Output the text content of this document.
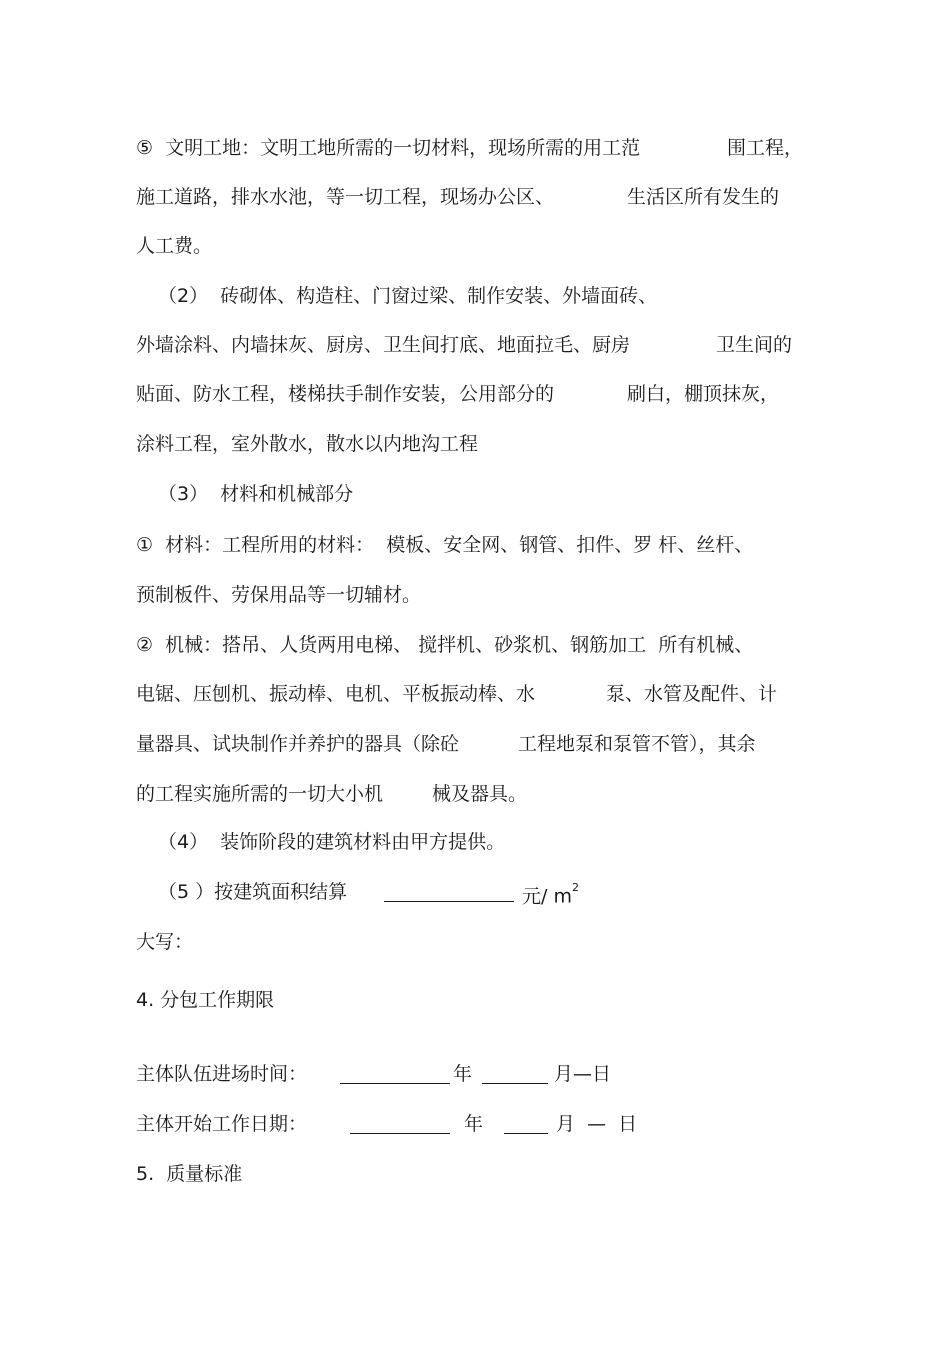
⑤  文明工地：文明工地所需的一切材料，现场所需的用工范	围工程，
施工道路，排水水池，等一切工程，现场办公区、	生活区所有发生的
人工费。
（2）  砖砌体、构造柱、门窗过梁、制作安装、外墙面砖、
外墙涂料、内墙抹灰、厨房、卫生间打底、地面拉毛、厨房	卫生间的
贴面、防水工程，楼梯扶手制作安装，公用部分的	刷白，棚顶抹灰，
涂料工程，室外散水，散水以内地沟工程
（3）  材料和机械部分
①  材料：工程所用的材料：  模板、安全网、钢管、扣件、罗 杆、丝杆、
预制板件、劳保用品等一切辅材。
②  机械：搭吊、人货两用电梯、 搅拌机、砂浆机、钢筋加工  所有机械、
电锯、压刨机、振动棒、电机、平板振动棒、水	泵、水管及配件、计
量器具、试块制作并养护的器具（除砼	工程地泵和泵管不管），其余
的工程实施所需的一切大小机	械及器具。
（4）  装饰阶段的建筑材料由甲方提供。
（5 ）按建筑面积结算	元/ $m^2$
大写：
4. 分包工作期限
主体队伍进场时间：	年	月—日
主体开始工作日期：	年	月  —  日
5.  质量标准
